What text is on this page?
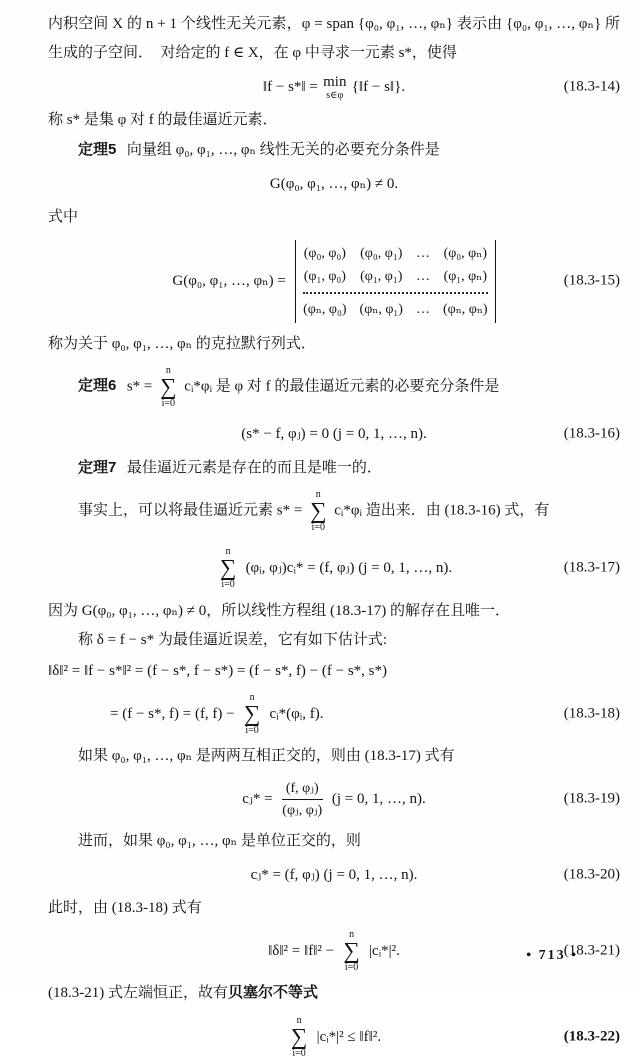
内积空间 X 的 n + 1 个线性无关元素，φ = span {φ₀, φ₁, …, φₙ} 表示由 {φ₀, φ₁, …, φₙ} 所生成的子空间．　对给定的 f ∈ X，在 φ 中寻求一元素 s*，使得

‖f − s*‖ = min
s∈φ
{‖f − s‖}.	(18.3-14)

称 s* 是集 φ 对 f 的最佳逼近元素．

定理5 向量组 φ₀, φ₁, …, φₙ 线性无关的必要充分条件是

G(φ₀, φ₁, …, φₙ) ≠ 0.

式中

G(φ₀, φ₁, …, φₙ) =
(φ₀, φ₀) (φ₀, φ₁) … (φ₀, φₙ)
(φ₁, φ₀) (φ₁, φ₁) … (φ₁, φₙ)
(φₙ, φ₀) (φₙ, φ₁) … (φₙ, φₙ)
(18.3-15)

称为关于 φ₀, φ₁, …, φₙ 的克拉默行列式．

定理6 s* =
n
∑
i=0
cᵢ*φᵢ 是 φ 对 f 的最佳逼近元素的必要充分条件是

(s* − f, φⱼ) = 0 (j = 0, 1, …, n).	(18.3-16)

定理7 最佳逼近元素是存在的而且是唯一的．

事实上，可以将最佳逼近元素 s* =
n
∑
i=0
cᵢ*φᵢ 造出来．由 (18.3-16) 式，有

n
∑
i=0
(φᵢ, φⱼ)cᵢ* = (f, φⱼ) (j = 0, 1, …, n).	(18.3-17)

因为 G(φ₀, φ₁, …, φₙ) ≠ 0，所以线性方程组 (18.3-17) 的解存在且唯一．

称 δ = f − s* 为最佳逼近误差，它有如下估计式:

‖δ‖² = ‖f − s*‖² = (f − s*, f − s*) = (f − s*, f) − (f − s*, s*)
= (f − s*, f) = (f, f) −
n
∑
i=0
cᵢ*(φᵢ, f).	(18.3-18)

如果 φ₀, φ₁, …, φₙ 是两两互相正交的，则由 (18.3-17) 式有

cⱼ* = $\frac{\text{(f, φⱼ)}}{\text{(φⱼ, φⱼ)}} (j = 0$, 1, …, n).	(18.3-19)

进而，如果 φ₀, φ₁, …, φₙ 是单位正交的，则

cⱼ* = (f, φⱼ) (j = 0, 1, …, n).	(18.3-20)

此时，由 (18.3-18) 式有

‖δ‖² = ‖f‖² −
n
∑
i=0
|cᵢ*|².	(18.3-21)

(18.3-21) 式左端恒正，故有贝塞尔不等式

n
∑
i=0
|cᵢ*|² ≤ ‖f‖².	(18.3-22)
• 713 •
